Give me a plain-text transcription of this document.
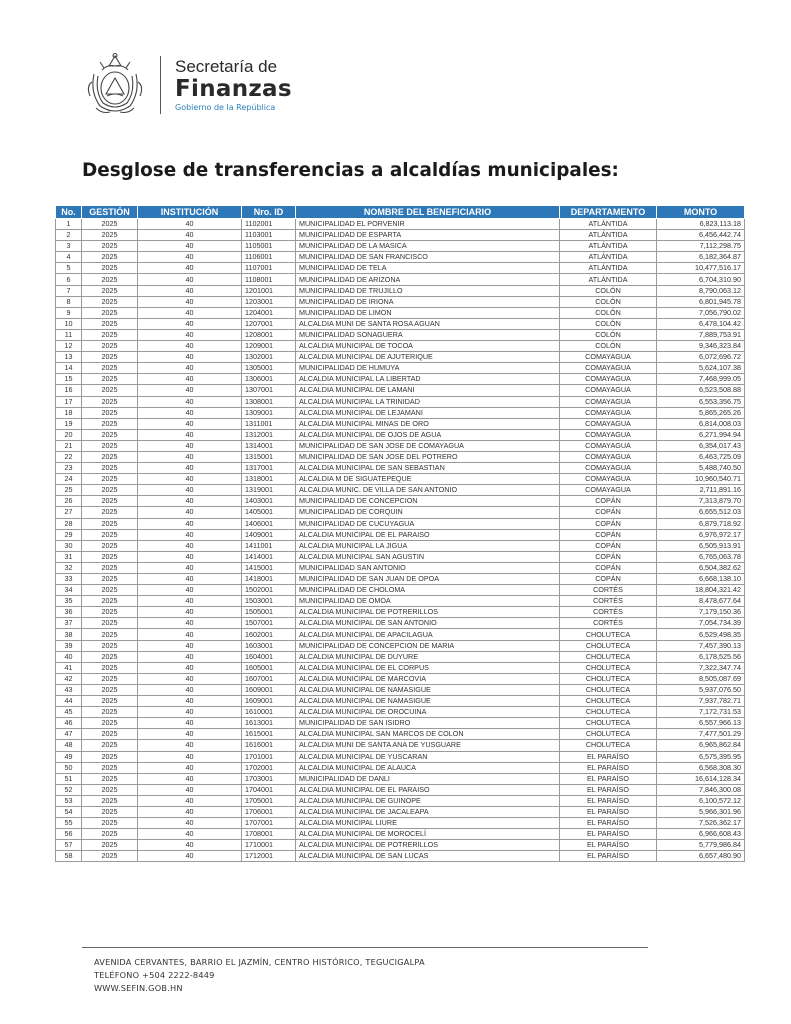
Secretaría de
Finanzas
Gobierno de la República
Desglose de transferencias a alcaldías municipales:
No.	GESTIÓN	INSTITUCIÓN	Nro. ID	NOMBRE DEL BENEFICIARIO	DEPARTAMENTO	MONTO
1	2025	40	1102001	MUNICIPALIDAD EL PORVENIR	ATLÁNTIDA	6,823,113.18
2	2025	40	1103001	MUNICIPALIDAD DE ESPARTA	ATLÁNTIDA	6,456,442.74
3	2025	40	1105001	MUNICIPALIDAD DE LA MASICA	ATLÁNTIDA	7,112,298.75
4	2025	40	1106001	MUNICIPALIDAD DE SAN FRANCISCO	ATLÁNTIDA	6,182,364.87
5	2025	40	1107001	MUNICIPALIDAD DE TELA	ATLÁNTIDA	10,477,516.17
6	2025	40	1108001	MUNICIPALIDAD DE ARIZONA	ATLÁNTIDA	6,704,310.90
7	2025	40	1201001	MUNICIPALIDAD DE TRUJILLO	COLÓN	8,790,063.12
8	2025	40	1203001	MUNICIPALIDAD DE IRIONA	COLÓN	6,801,945.78
9	2025	40	1204001	MUNICIPALIDAD DE LIMON	COLÓN	7,056,790.02
10	2025	40	1207001	ALCALDIA MUNI DE SANTA ROSA AGUAN	COLÓN	6,478,104.42
11	2025	40	1208001	MUNICIPALIDAD SONAGUERA	COLÓN	7,889,753.91
12	2025	40	1209001	ALCALDIA MUNICIPAL DE TOCOA	COLÓN	9,346,323.84
13	2025	40	1302001	ALCALDIA MUNICIPAL DE AJUTERIQUE	COMAYAGUA	6,072,696.72
14	2025	40	1305001	MUNICIPALIDAD DE HUMUYA	COMAYAGUA	5,624,107.38
15	2025	40	1306001	ALCALDIA MUNICIPAL LA LIBERTAD	COMAYAGUA	7,468,999.05
16	2025	40	1307001	ALCALDIA MUNICIPAL DE LAMANI	COMAYAGUA	6,523,508.88
17	2025	40	1308001	ALCALDIA MUNICIPAL LA TRINIDAD	COMAYAGUA	6,553,356.75
18	2025	40	1309001	ALCALDIA MUNICIPAL DE LEJAMANI	COMAYAGUA	5,865,265.26
19	2025	40	1311001	ALCALDIA MUNICIPAL MINAS DE ORO	COMAYAGUA	6,814,008.03
20	2025	40	1312001	ALCALDIA MUNICIPAL DE OJOS DE AGUA	COMAYAGUA	6,271,994.94
21	2025	40	1314001	MUNICIPALIDAD DE SAN JOSE DE COMAYAGUA	COMAYAGUA	6,354,017.43
22	2025	40	1315001	MUNICIPALIDAD DE SAN JOSE DEL POTRERO	COMAYAGUA	6,463,725.09
23	2025	40	1317001	ALCALDIA MUNICIPAL DE SAN SEBASTIAN	COMAYAGUA	5,488,740.50
24	2025	40	1318001	ALCALDIA M DE SIGUATEPEQUE	COMAYAGUA	10,960,540.71
25	2025	40	1319001	ALCALDIA MUNIC. DE VILLA DE SAN ANTONIO	COMAYAGUA	2,711,891.16
26	2025	40	1403001	MUNICIPALIDAD DE CONCEPCION	COPÁN	7,313,879.70
27	2025	40	1405001	MUNICIPALIDAD DE CORQUIN	COPÁN	6,655,512.03
28	2025	40	1406001	MUNICIPALIDAD DE CUCUYAGUA	COPÁN	6,879,718.92
29	2025	40	1409001	ALCALDIA MUNICIPAL DE EL PARAISO	COPÁN	6,976,972.17
30	2025	40	1411001	ALCALDIA MUNICIPAL LA JIGUA	COPÁN	6,505,913.91
31	2025	40	1414001	ALCALDIA MUNICIPAL SAN AGUSTIN	COPÁN	6,765,063.78
32	2025	40	1415001	MUNICIPALIDAD SAN ANTONIO	COPÁN	6,504,382.62
33	2025	40	1418001	MUNICIPALIDAD DE SAN JUAN DE OPOA	COPÁN	6,668,138.10
34	2025	40	1502001	MUNICIPALIDAD DE CHOLOMA	CORTÉS	18,804,321.42
35	2025	40	1503001	MUNICIPALIDAD DE OMOA	CORTÉS	8,478,677.64
36	2025	40	1505001	ALCALDIA MUNICIPAL DE POTRERILLOS	CORTÉS	7,179,150.36
37	2025	40	1507001	ALCALDIA MUNICIPAL DE SAN ANTONIO	CORTÉS	7,054,734.39
38	2025	40	1602001	ALCALDIA MUNICIPAL DE APACILAGUA	CHOLUTECA	6,529,498.35
39	2025	40	1603001	MUNICIPALIDAD DE CONCEPCION DE MARIA	CHOLUTECA	7,457,390.13
40	2025	40	1604001	ALCALDIA MUNICIPAL DE DUYURE	CHOLUTECA	6,178,525.56
41	2025	40	1605001	ALCALDIA MUNICIPAL DE EL CORPUS	CHOLUTECA	7,322,347.74
42	2025	40	1607001	ALCALDIA MUNICIPAL DE MARCOVIA	CHOLUTECA	8,505,087.69
43	2025	40	1609001	ALCALDIA MUNICIPAL DE NAMASIGUE	CHOLUTECA	5,937,076.50
44	2025	40	1609001	ALCALDIA MUNICIPAL DE NAMASIGUE	CHOLUTECA	7,937,782.71
45	2025	40	1610001	ALCALDIA MUNICIPAL DE OROCUINA	CHOLUTECA	7,172,731.53
46	2025	40	1613001	MUNICIPALIDAD DE SAN ISIDRO	CHOLUTECA	6,557,966.13
47	2025	40	1615001	ALCALDIA MUNICIPAL SAN MARCOS DE COLON	CHOLUTECA	7,477,501.29
48	2025	40	1616001	ALCALDIA MUNI DE SANTA ANA DE YUSGUARE	CHOLUTECA	6,965,862.84
49	2025	40	1701001	ALCALDIA MUNICIPAL DE YUSCARAN	EL PARAÍSO	6,575,395.95
50	2025	40	1702001	ALCALDIA MUNICIPAL DE ALAUCA	EL PARAÍSO	6,568,308.30
51	2025	40	1703001	MUNICIPALIDAD DE DANLI	EL PARAÍSO	16,614,128.34
52	2025	40	1704001	ALCALDIA MUNICIPAL DE EL PARAISO	EL PARAÍSO	7,846,300.08
53	2025	40	1705001	ALCALDIA MUNICIPAL DE GUINOPE	EL PARAÍSO	6,100,572.12
54	2025	40	1706001	ALCALDIA MUNICIPAL DE JACALEAPA	EL PARAÍSO	5,966,301.96
55	2025	40	1707001	ALCALDIA MUNICIPAL LIURE	EL PARAÍSO	7,526,362.17
56	2025	40	1708001	ALCALDIA MUNICIPAL DE MOROCELÍ	EL PARAÍSO	6,966,608.43
57	2025	40	1710001	ALCALDIA MUNICIPAL DE POTRERILLOS	EL PARAÍSO	5,779,986.84
58	2025	40	1712001	ALCALDIA MUNICIPAL DE SAN LUCAS	EL PARAÍSO	6,657,480.90
AVENIDA CERVANTES, BARRIO EL JAZMÍN, CENTRO HISTÓRICO, TEGUCIGALPA
TELÉFONO +504 2222-8449
WWW.SEFIN.GOB.HN
